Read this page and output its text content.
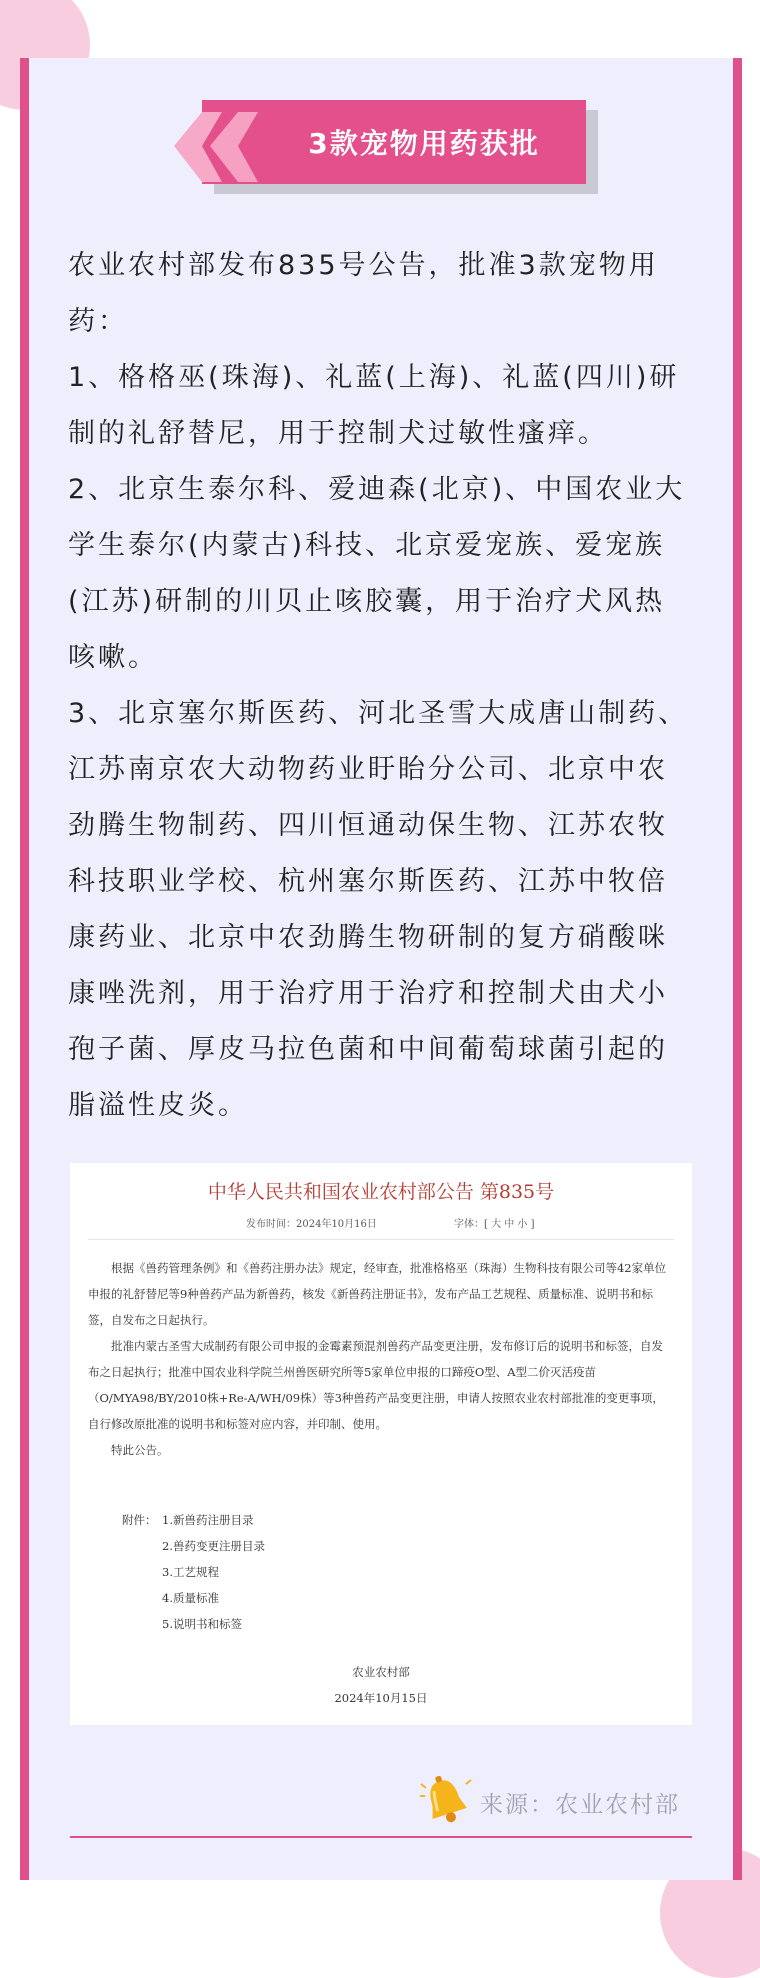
3款宠物用药获批

农业农村部发布835号公告，批准3款宠物用药：

1、格格巫(珠海)、礼蓝(上海)、礼蓝(四川)研制的礼舒替尼，用于控制犬过敏性瘙痒。

2、北京生泰尔科、爱迪森(北京)、中国农业大学生泰尔(内蒙古)科技、北京爱宠族、爱宠族(江苏)研制的川贝止咳胶囊，用于治疗犬风热咳嗽。

3、北京塞尔斯医药、河北圣雪大成唐山制药、江苏南京农大动物药业盱眙分公司、北京中农劲腾生物制药、四川恒通动保生物、江苏农牧科技职业学校、杭州塞尔斯医药、江苏中牧倍康药业、北京中农劲腾生物研制的复方硝酸咪康唑洗剂，用于治疗用于治疗和控制犬由犬小孢子菌、厚皮马拉色菌和中间葡萄球菌引起的脂溢性皮炎。

中华人民共和国农业农村部公告 第835号
发布时间：2024年10月16日	字体：[ 大 中 小 ]

根据《兽药管理条例》和《兽药注册办法》规定，经审查，批准格格巫（珠海）生物科技有限公司等42家单位申报的礼舒替尼等9种兽药产品为新兽药，核发《新兽药注册证书》，发布产品工艺规程、质量标准、说明书和标签，自发布之日起执行。

批准内蒙古圣雪大成制药有限公司申报的金霉素预混剂兽药产品变更注册，发布修订后的说明书和标签，自发布之日起执行；批准中国农业科学院兰州兽医研究所等5家单位申报的口蹄疫O型、A型二价灭活疫苗（O/MYA98/BY/2010株+Re-A/WH/09株）等3种兽药产品变更注册，申请人按照农业农村部批准的变更事项，自行修改原批准的说明书和标签对应内容，并印制、使用。

特此公告。

附件： 1.新兽药注册目录
2.兽药变更注册目录
3.工艺规程
4.质量标准
5.说明书和标签
农业农村部
2024年10月15日
来源：农业农村部
